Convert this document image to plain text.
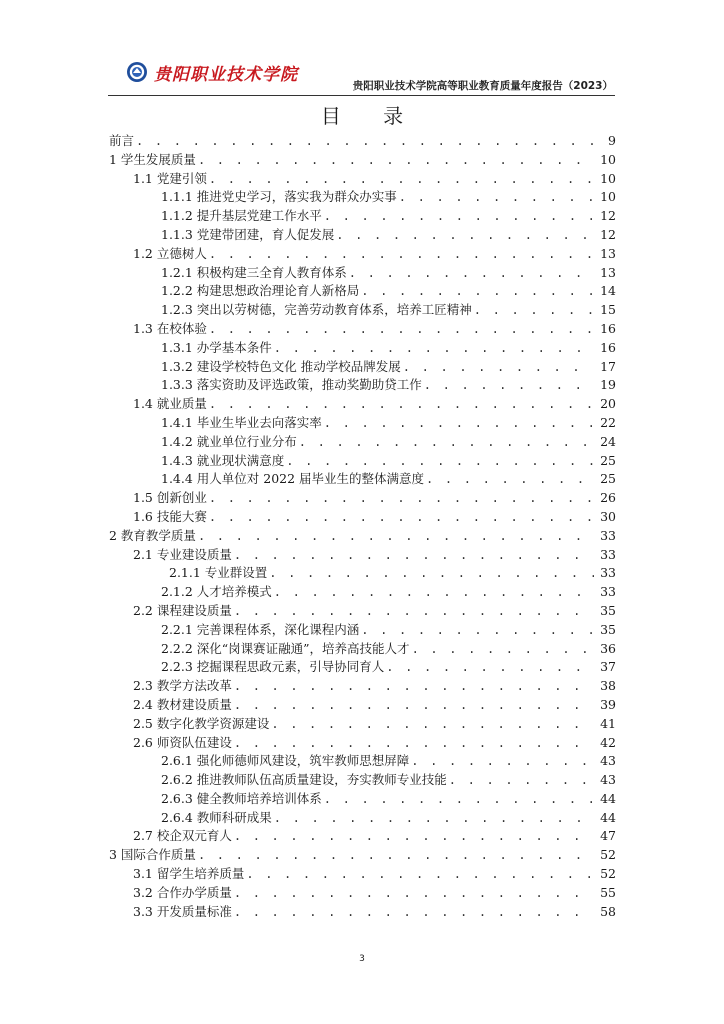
贵阳职业技术学院
贵阳职业技术学院高等职业教育质量年度报告（2023）
目 录
前言 . . .	9
1 学生发展质量 . . .	10
1.1 党建引领 . . .	10
1.1.1 推进党史学习，落实我为群众办实事 . . .	10
1.1.2 提升基层党建工作水平 . . .	12
1.1.3 党建带团建，育人促发展 . . .	12
1.2 立德树人 . . .	13
1.2.1 积极构建三全育人教育体系 . . .	13
1.2.2 构建思想政治理论育人新格局 . . .	14
1.2.3 突出以劳树德，完善劳动教育体系，培养工匠精神 . . .	15
1.3 在校体验 . . .	16
1.3.1 办学基本条件 . . .	16
1.3.2 建设学校特色文化 推动学校品牌发展 . . .	17
1.3.3 落实资助及评选政策，推动奖勤助贷工作 . . .	19
1.4 就业质量 . . .	20
1.4.1 毕业生毕业去向落实率 . . .	22
1.4.2 就业单位行业分布 . . .	24
1.4.3 就业现状满意度 . . .	25
1.4.4 用人单位对 2022 届毕业生的整体满意度 . . .	25
1.5 创新创业 . . .	26
1.6 技能大赛 . . .	30
2 教育教学质量 . . .	33
2.1 专业建设质量 . . .	33
2.1.1 专业群设置 . . .	33
2.1.2 人才培养模式 . . .	33
2.2 课程建设质量 . . .	35
2.2.1 完善课程体系，深化课程内涵 . . .	35
2.2.2 深化“岗课赛证融通”，培养高技能人才 . . .	36
2.2.3 挖掘课程思政元素，引导协同育人 . . .	37
2.3 教学方法改革 . . .	38
2.4 教材建设质量 . . .	39
2.5 数字化教学资源建设 . . .	41
2.6 师资队伍建设 . . .	42
2.6.1 强化师德师风建设，筑牢教师思想屏障 . . .	43
2.6.2 推进教师队伍高质量建设，夯实教师专业技能 . . .	43
2.6.3 健全教师培养培训体系 . . .	44
2.6.4 教师科研成果 . . .	44
2.7 校企双元育人 . . .	47
3 国际合作质量 . . .	52
3.1 留学生培养质量 . . .	52
3.2 合作办学质量 . . .	55
3.3 开发质量标准 . . .	58
3
